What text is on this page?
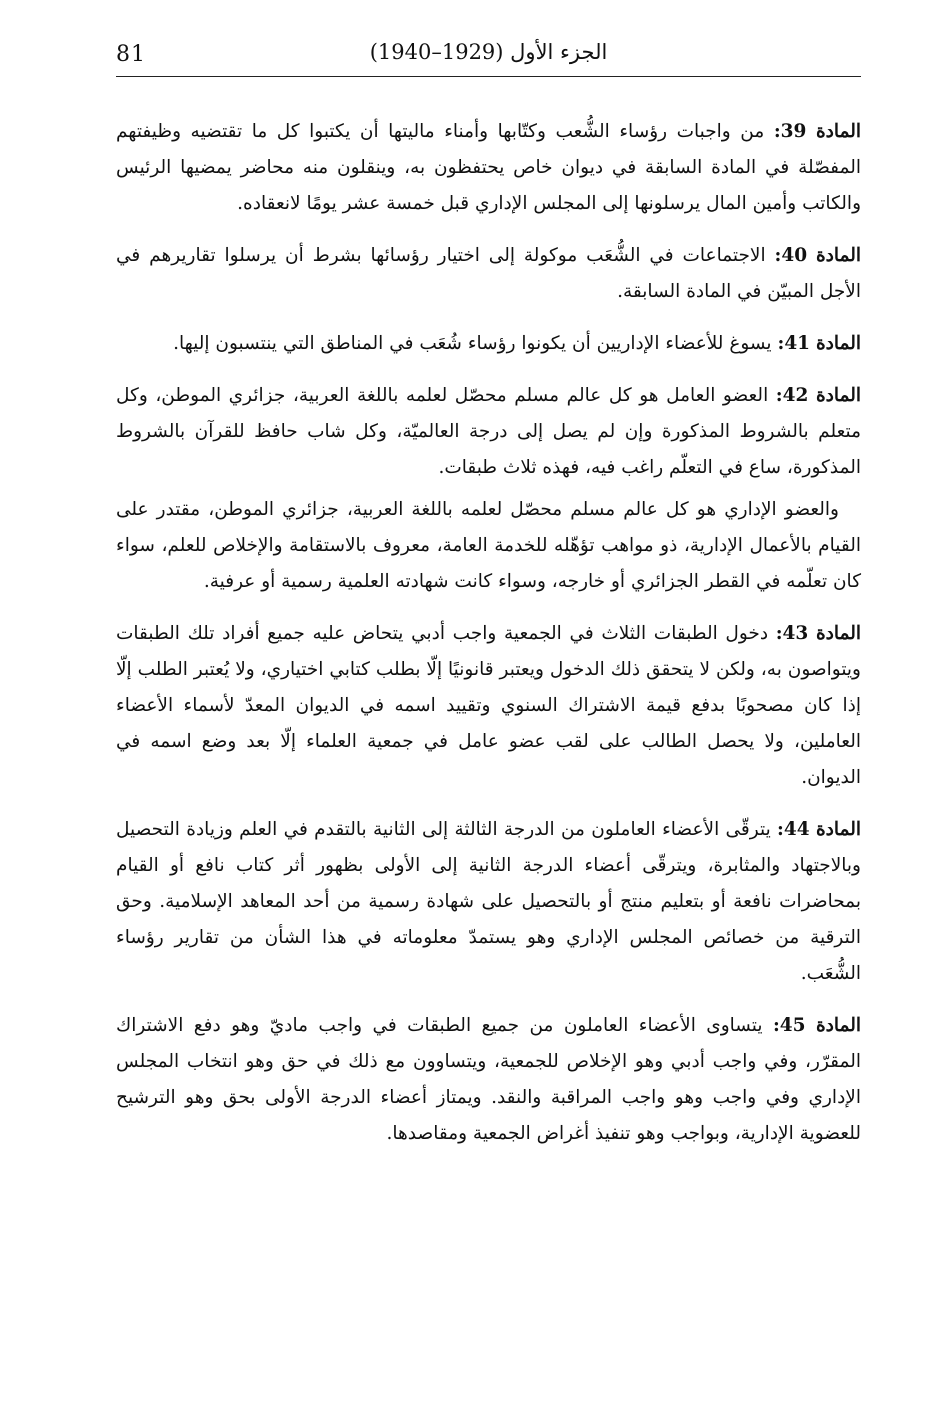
81	الجزء الأول (1929–1940)

المادة 39: من واجبات رؤساء الشُّعب وكتّابها وأمناء ماليتها أن يكتبوا كل ما تقتضيه وظيفتهم المفصّلة في المادة السابقة في ديوان خاص يحتفظون به، وينقلون منه محاضر يمضيها الرئيس والكاتب وأمين المال يرسلونها إلى المجلس الإداري قبل خمسة عشر يومًا لانعقاده.

المادة 40: الاجتماعات في الشُّعَب موكولة إلى اختيار رؤسائها بشرط أن يرسلوا تقاريرهم في الأجل المبيّن في المادة السابقة.

المادة 41: يسوغ للأعضاء الإداريين أن يكونوا رؤساء شُعَب في المناطق التي ينتسبون إليها.

المادة 42: العضو العامل هو كل عالم مسلم محصّل لعلمه باللغة العربية، جزائري الموطن، وكل متعلم بالشروط المذكورة وإن لم يصل إلى درجة العالميّة، وكل شاب حافظ للقرآن بالشروط المذكورة، ساع في التعلّم راغب فيه، فهذه ثلاث طبقات.

والعضو الإداري هو كل عالم مسلم محصّل لعلمه باللغة العربية، جزائري الموطن، مقتدر على القيام بالأعمال الإدارية، ذو مواهب تؤهّله للخدمة العامة، معروف بالاستقامة والإخلاص للعلم، سواء كان تعلّمه في القطر الجزائري أو خارجه، وسواء كانت شهادته العلمية رسمية أو عرفية.

المادة 43: دخول الطبقات الثلاث في الجمعية واجب أدبي يتحاض عليه جميع أفراد تلك الطبقات ويتواصون به، ولكن لا يتحقق ذلك الدخول ويعتبر قانونيًا إلّا بطلب كتابي اختياري، ولا يُعتبر الطلب إلّا إذا كان مصحوبًا بدفع قيمة الاشتراك السنوي وتقييد اسمه في الديوان المعدّ لأسماء الأعضاء العاملين، ولا يحصل الطالب على لقب عضو عامل في جمعية العلماء إلّا بعد وضع اسمه في الديوان.

المادة 44: يترقّى الأعضاء العاملون من الدرجة الثالثة إلى الثانية بالتقدم في العلم وزيادة التحصيل وبالاجتهاد والمثابرة، ويترقّى أعضاء الدرجة الثانية إلى الأولى بظهور أثر كتاب نافع أو القيام بمحاضرات نافعة أو بتعليم منتج أو بالتحصيل على شهادة رسمية من أحد المعاهد الإسلامية. وحق الترقية من خصائص المجلس الإداري وهو يستمدّ معلوماته في هذا الشأن من تقارير رؤساء الشُّعَب.

المادة 45: يتساوى الأعضاء العاملون من جميع الطبقات في واجب ماديّ وهو دفع الاشتراك المقرّر، وفي واجب أدبي وهو الإخلاص للجمعية، ويتساوون مع ذلك في حق وهو انتخاب المجلس الإداري وفي واجب وهو واجب المراقبة والنقد. ويمتاز أعضاء الدرجة الأولى بحق وهو الترشيح للعضوية الإدارية، وبواجب وهو تنفيذ أغراض الجمعية ومقاصدها.
